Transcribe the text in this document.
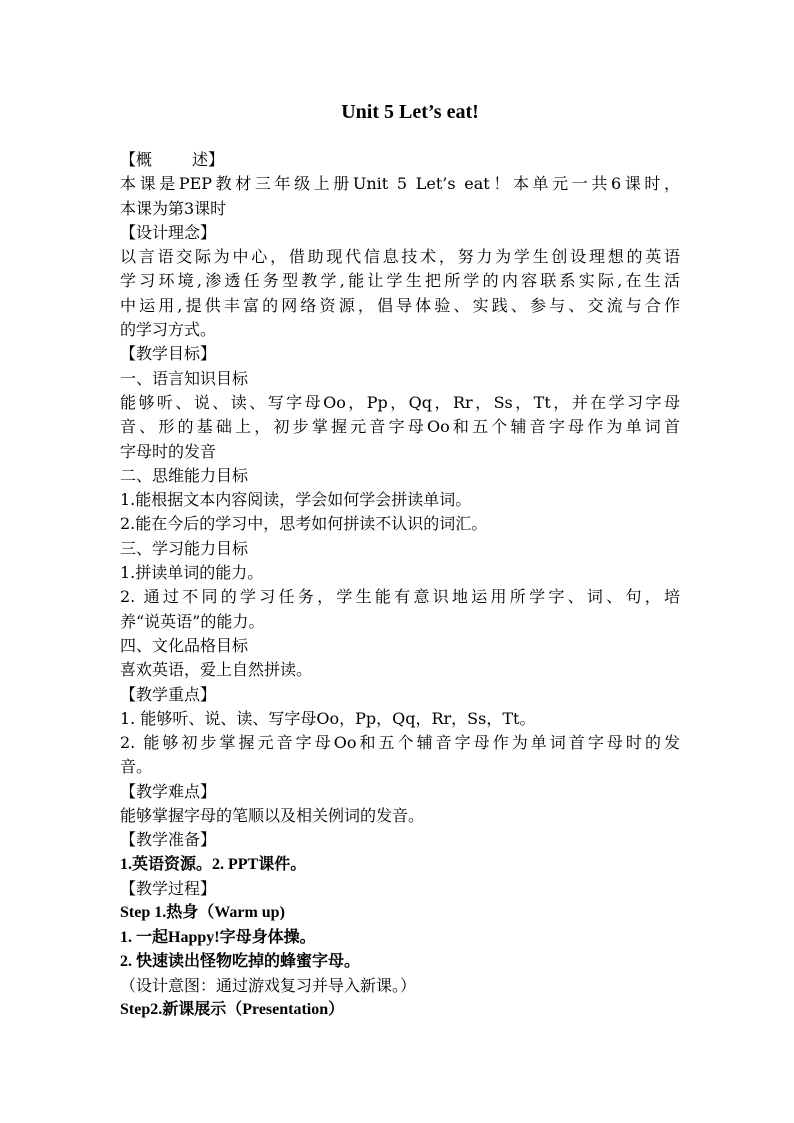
Unit 5 Let’s eat!
【概	述】
本课是PEP教材三年级上册Unit 5 Let’s eat！本单元一共6课时，
本课为第3课时
【设计理念】
以言语交际为中心，借助现代信息技术，努力为学生创设理想的英语
学习环境,渗透任务型教学,能让学生把所学的内容联系实际,在生活
中运用,提供丰富的网络资源，倡导体验、实践、参与、交流与合作
的学习方式。
【教学目标】
一、语言知识目标
能够听、说、读、写字母Oo，Pp，Qq，Rr，Ss，Tt，并在学习字母
音、形的基础上，初步掌握元音字母Oo和五个辅音字母作为单词首
字母时的发音
二、思维能力目标
1.能根据文本内容阅读，学会如何学会拼读单词。
2.能在今后的学习中，思考如何拼读不认识的词汇。
三、学习能力目标
1.拼读单词的能力。
2. 通过不同的学习任务，学生能有意识地运用所学字、词、句，培
养“说英语”的能力。
四、文化品格目标
喜欢英语，爱上自然拼读。
【教学重点】
1. 能够听、说、读、写字母Oo，Pp，Qq，Rr，Ss，Tt。
2. 能够初步掌握元音字母Oo和五个辅音字母作为单词首字母时的发
音。
【教学难点】
能够掌握字母的笔顺以及相关例词的发音。
【教学准备】
1.英语资源。2. PPT课件。
【教学过程】
Step 1.热身（Warm up)
1. 一起Happy!字母身体操。
2. 快速读出怪物吃掉的蜂蜜字母。
（设计意图：通过游戏复习并导入新课。）
Step2.新课展示（Presentation）
